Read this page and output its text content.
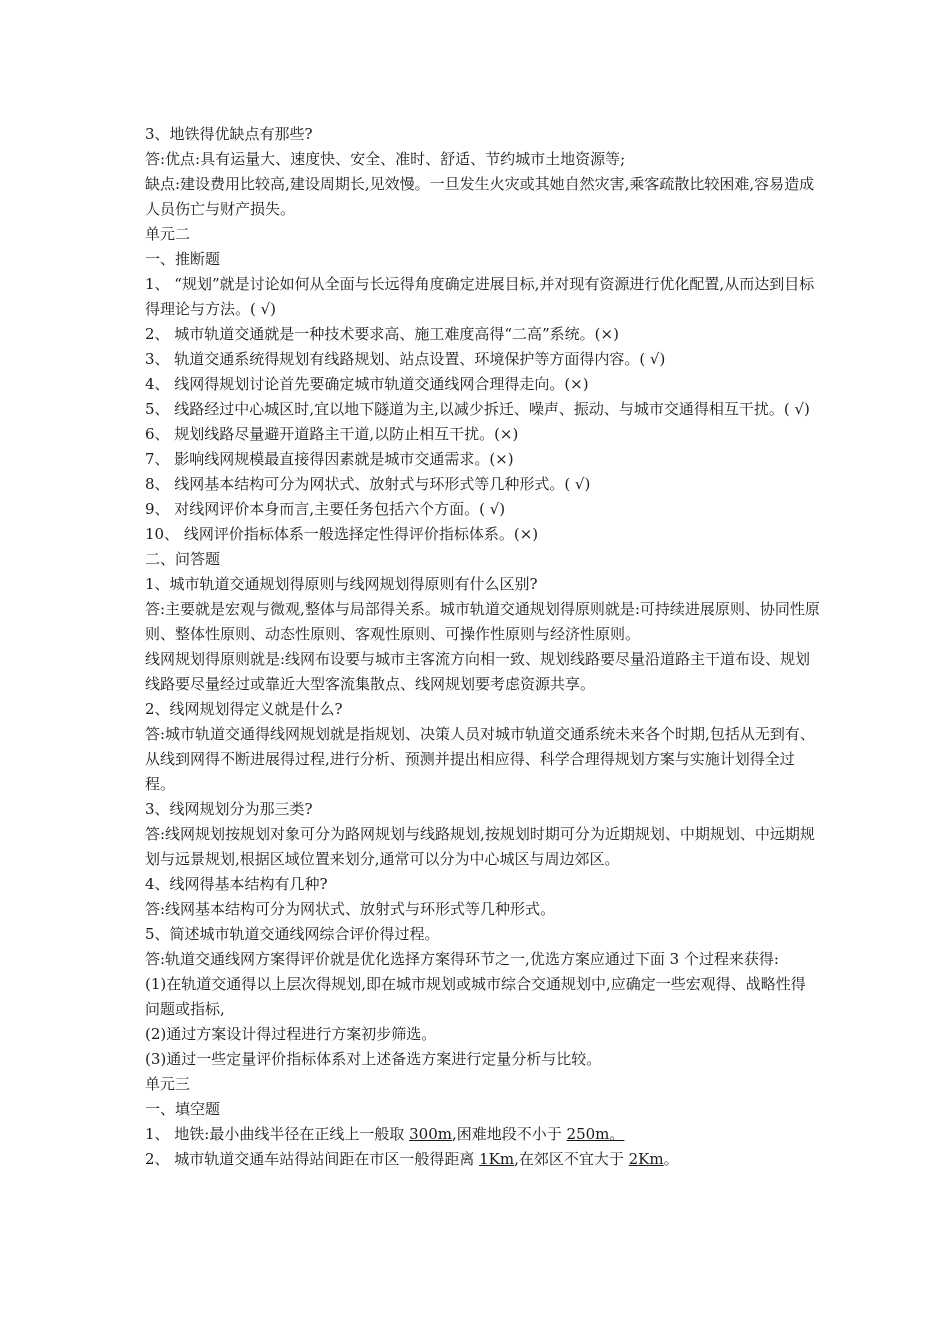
3、地铁得优缺点有那些?

答:优点:具有运量大、速度快、安全、准时、舒适、节约城市土地资源等;

缺点:建设费用比较高,建设周期长,见效慢。一旦发生火灾或其她自然灾害,乘客疏散比较困难,容易造成人员伤亡与财产损失。

单元二

一、推断题

1、 “规划”就是讨论如何从全面与长远得角度确定进展目标,并对现有资源进行优化配置,从而达到目标得理论与方法。( √)

2、 城市轨道交通就是一种技术要求高、施工难度高得“二高”系统。(×)

3、 轨道交通系统得规划有线路规划、站点设置、环境保护等方面得内容。( √)

4、 线网得规划讨论首先要确定城市轨道交通线网合理得走向。(×)

5、 线路经过中心城区时,宜以地下隧道为主,以减少拆迁、噪声、振动、与城市交通得相互干扰。( √)

6、 规划线路尽量避开道路主干道,以防止相互干扰。(×)

7、 影响线网规模最直接得因素就是城市交通需求。(×)

8、 线网基本结构可分为网状式、放射式与环形式等几种形式。( √)

9、 对线网评价本身而言,主要任务包括六个方面。( √)

10、 线网评价指标体系一般选择定性得评价指标体系。(×)

二、问答题

1、城市轨道交通规划得原则与线网规划得原则有什么区别?

答:主要就是宏观与微观,整体与局部得关系。城市轨道交通规划得原则就是:可持续进展原则、协同性原则、整体性原则、动态性原则、客观性原则、可操作性原则与经济性原则。

线网规划得原则就是:线网布设要与城市主客流方向相一致、规划线路要尽量沿道路主干道布设、规划线路要尽量经过或靠近大型客流集散点、线网规划要考虑资源共享。

2、线网规划得定义就是什么?

答:城市轨道交通得线网规划就是指规划、决策人员对城市轨道交通系统未来各个时期,包括从无到有、从线到网得不断进展得过程,进行分析、预测并提出相应得、科学合理得规划方案与实施计划得全过程。

3、线网规划分为那三类?

答:线网规划按规划对象可分为路网规划与线路规划,按规划时期可分为近期规划、中期规划、中远期规划与远景规划,根据区域位置来划分,通常可以分为中心城区与周边郊区。

4、线网得基本结构有几种?

答:线网基本结构可分为网状式、放射式与环形式等几种形式。

5、简述城市轨道交通线网综合评价得过程。

答:轨道交通线网方案得评价就是优化选择方案得环节之一,优选方案应通过下面 3 个过程来获得:

(1)在轨道交通得以上层次得规划,即在城市规划或城市综合交通规划中,应确定一些宏观得、战略性得问题或指标,

(2)通过方案设计得过程进行方案初步筛选。

(3)通过一些定量评价指标体系对上述备选方案进行定量分析与比较。

单元三

一、填空题

1、 地铁:最小曲线半径在正线上一般取 300m,困难地段不小于 250m。

2、 城市轨道交通车站得站间距在市区一般得距离 1Km,在郊区不宜大于 2Km。
